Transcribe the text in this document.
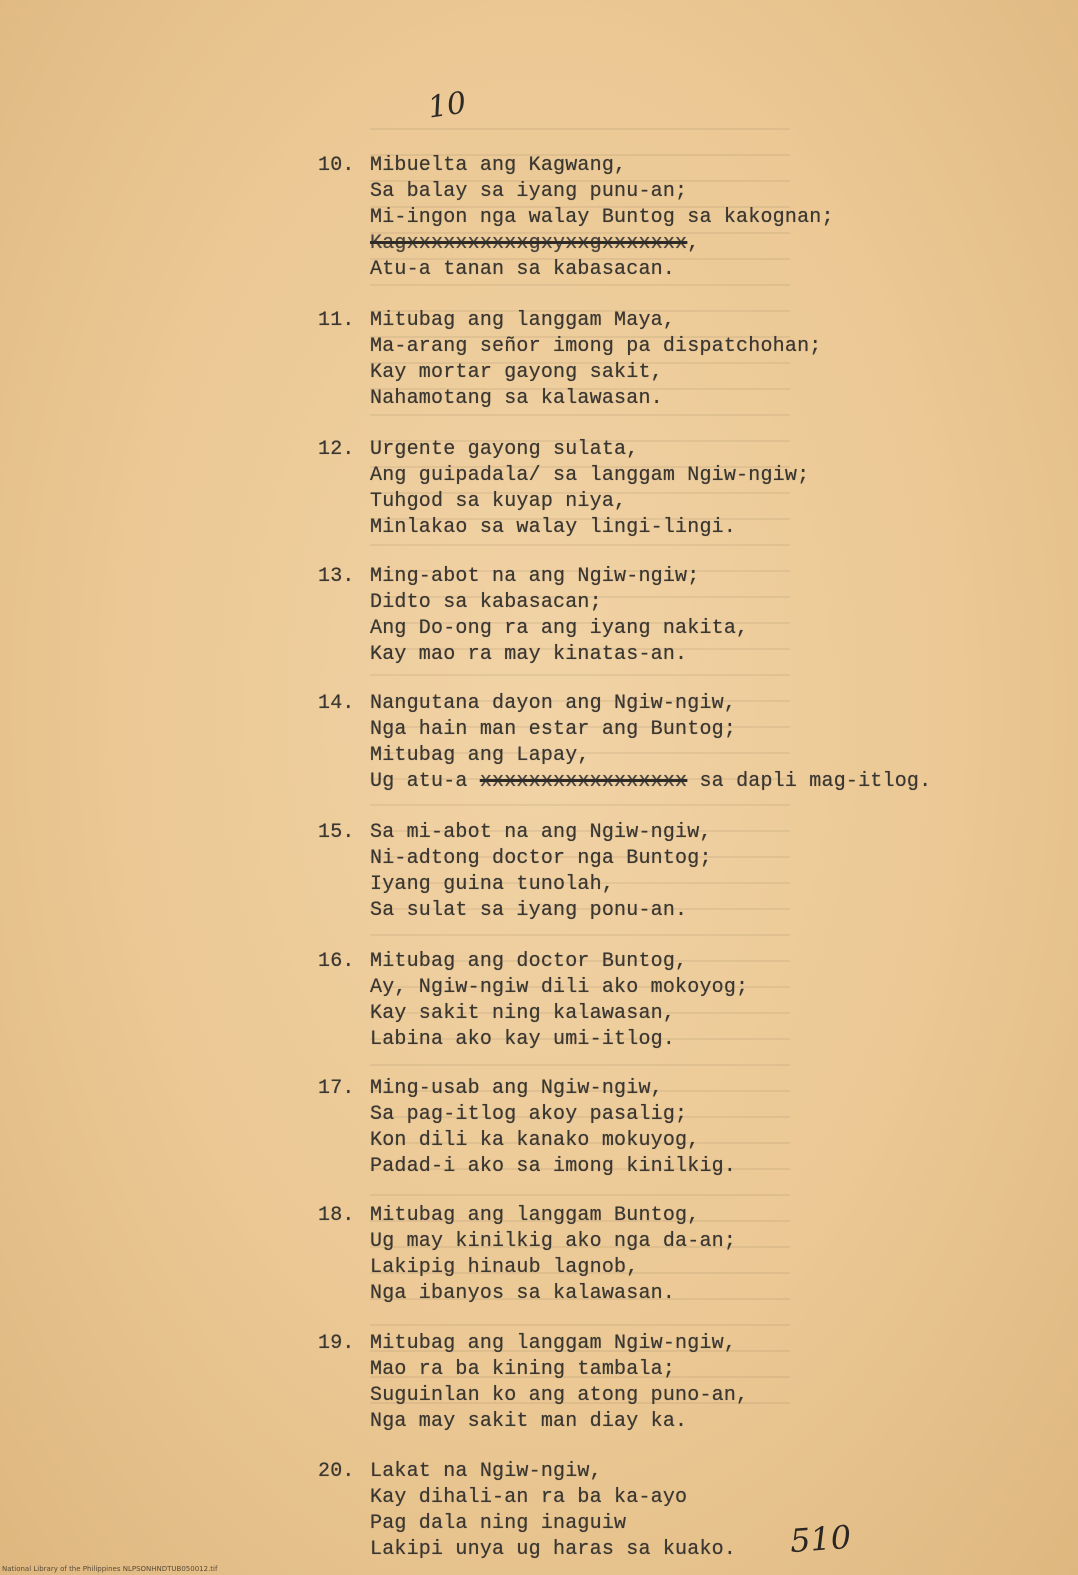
10
10. Mibuelta ang Kagwang,
Sa balay sa iyang punu-an;
Mi-ingon nga walay Buntog sa kakognan;
Kagxxxxxxxxxxgxyxxgxxxxxxx,
Atu-a tanan sa kabasacan.
11. Mitubag ang langgam Maya,
Ma-arang señor imong pa dispatchohan;
Kay mortar gayong sakit,
Nahamotang sa kalawasan.
12. Urgente gayong sulata,
Ang guipadala/ sa langgam Ngiw-ngiw;
Tuhgod sa kuyap niya,
Minlakao sa walay lingi-lingi.
13. Ming-abot na ang Ngiw-ngiw;
Didto sa kabasacan;
Ang Do-ong ra ang iyang nakita,
Kay mao ra may kinatas-an.
14. Nangutana dayon ang Ngiw-ngiw,
Nga hain man estar ang Buntog;
Mitubag ang Lapay,
Ug atu-a xxxxxxxxxxxxxxxxx sa dapli mag-itlog.
15. Sa mi-abot na ang Ngiw-ngiw,
Ni-adtong doctor nga Buntog;
Iyang guina tunolah,
Sa sulat sa iyang ponu-an.
16. Mitubag ang doctor Buntog,
Ay, Ngiw-ngiw dili ako mokoyog;
Kay sakit ning kalawasan,
Labina ako kay umi-itlog.
17. Ming-usab ang Ngiw-ngiw,
Sa pag-itlog akoy pasalig;
Kon dili ka kanako mokuyog,
Padad-i ako sa imong kinilkig.
18. Mitubag ang langgam Buntog,
Ug may kinilkig ako nga da-an;
Lakipig hinaub lagnob,
Nga ibanyos sa kalawasan.
19. Mitubag ang langgam Ngiw-ngiw,
Mao ra ba kining tambala;
Suguinlan ko ang atong puno-an,
Nga may sakit man diay ka.
20. Lakat na Ngiw-ngiw,
Kay dihali-an ra ba ka-ayo
Pag dala ning inaguiw
Lakipi unya ug haras sa kuako. 510
National Library of the Philippines NLPSONHNDTUB050012.tif
